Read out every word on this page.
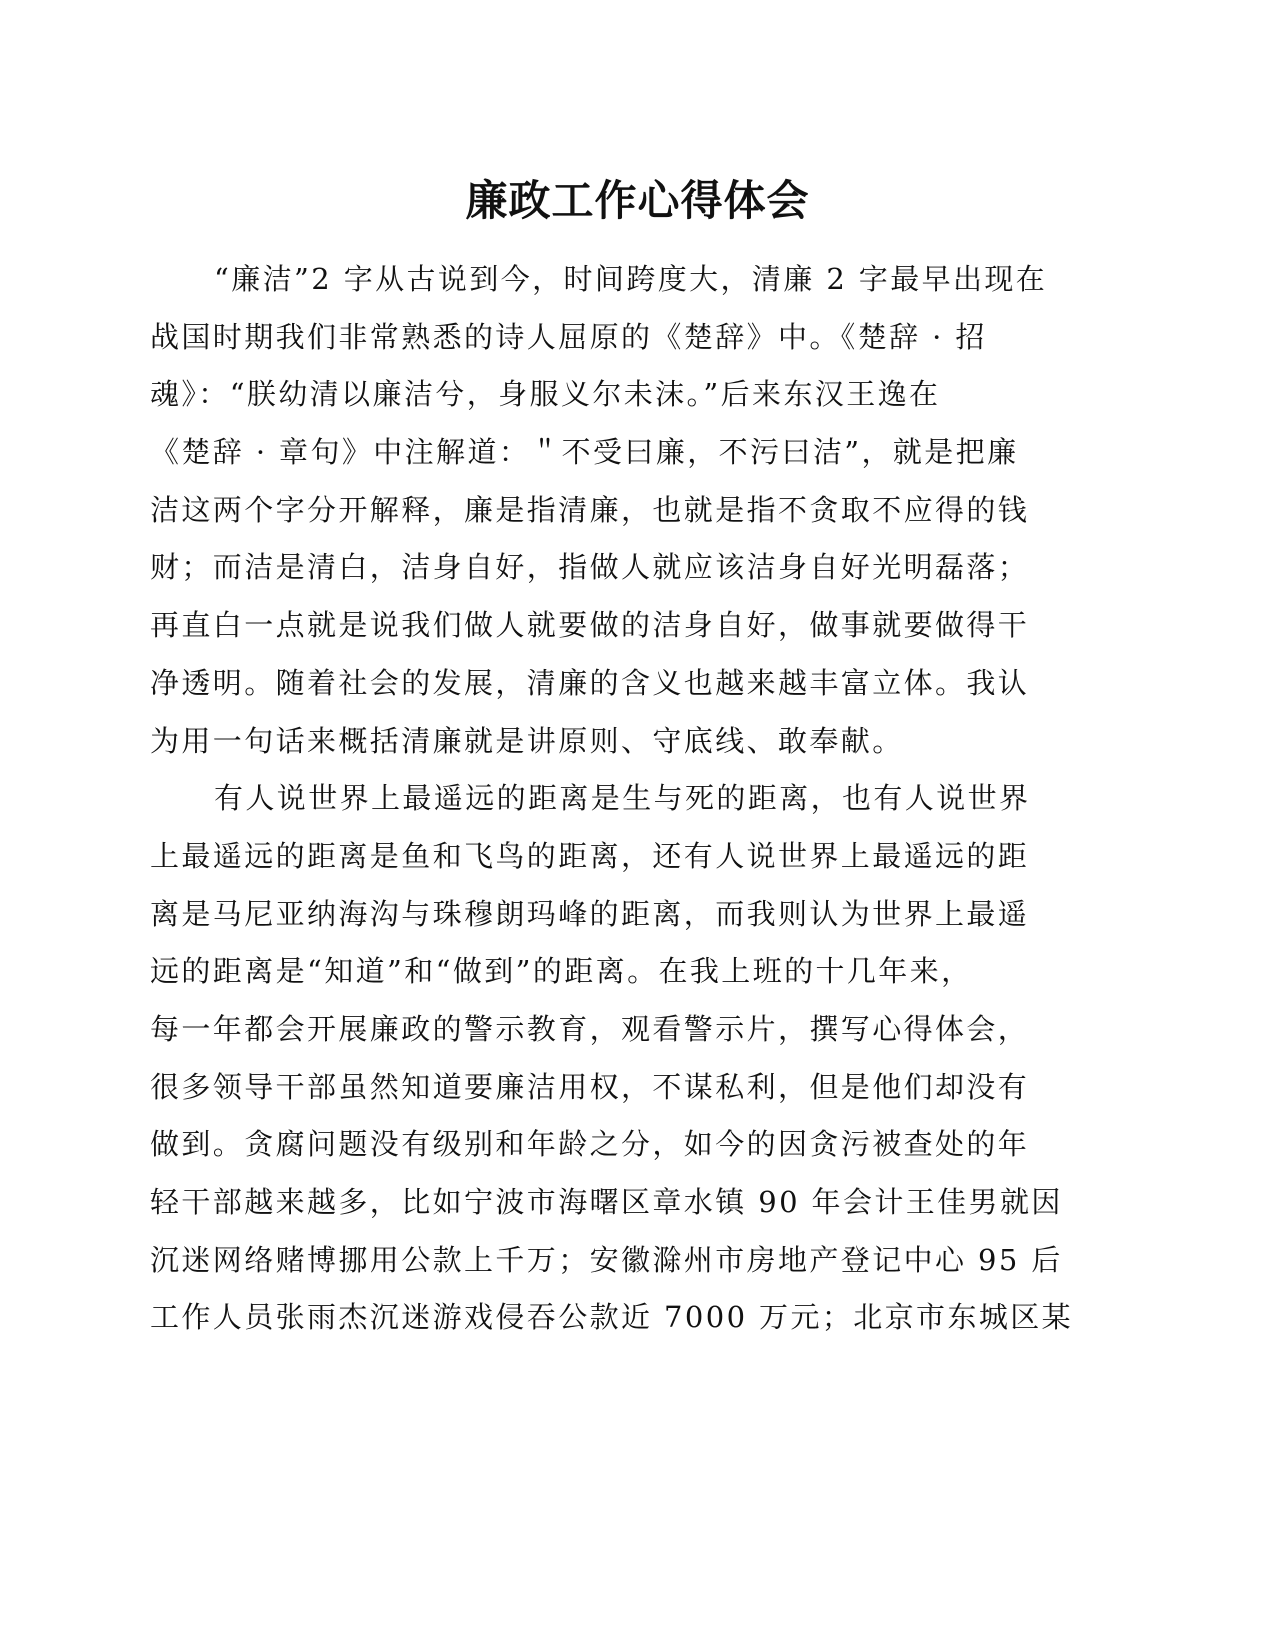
廉政工作心得体会
“廉洁”2 字从古说到今，时间跨度大，清廉 2 字最早出现在
战国时期我们非常熟悉的诗人屈原的《楚辞》中。《楚辞 · 招
魂》：“朕幼清以廉洁兮，身服义尔未沫。”后来东汉王逸在
《楚辞 · 章句》中注解道：＂不受曰廉，不污曰洁”，就是把廉
洁这两个字分开解释，廉是指清廉，也就是指不贪取不应得的钱
财；而洁是清白，洁身自好，指做人就应该洁身自好光明磊落；
再直白一点就是说我们做人就要做的洁身自好，做事就要做得干
净透明。随着社会的发展，清廉的含义也越来越丰富立体。我认
为用一句话来概括清廉就是讲原则、守底线、敢奉献。
有人说世界上最遥远的距离是生与死的距离，也有人说世界
上最遥远的距离是鱼和飞鸟的距离，还有人说世界上最遥远的距
离是马尼亚纳海沟与珠穆朗玛峰的距离，而我则认为世界上最遥
远的距离是“知道”和“做到”的距离。在我上班的十几年来，
每一年都会开展廉政的警示教育，观看警示片，撰写心得体会，
很多领导干部虽然知道要廉洁用权，不谋私利，但是他们却没有
做到。贪腐问题没有级别和年龄之分，如今的因贪污被查处的年
轻干部越来越多，比如宁波市海曙区章水镇 90 年会计王佳男就因
沉迷网络赌博挪用公款上千万；安徽滁州市房地产登记中心 95 后
工作人员张雨杰沉迷游戏侵吞公款近 7000 万元；北京市东城区某
